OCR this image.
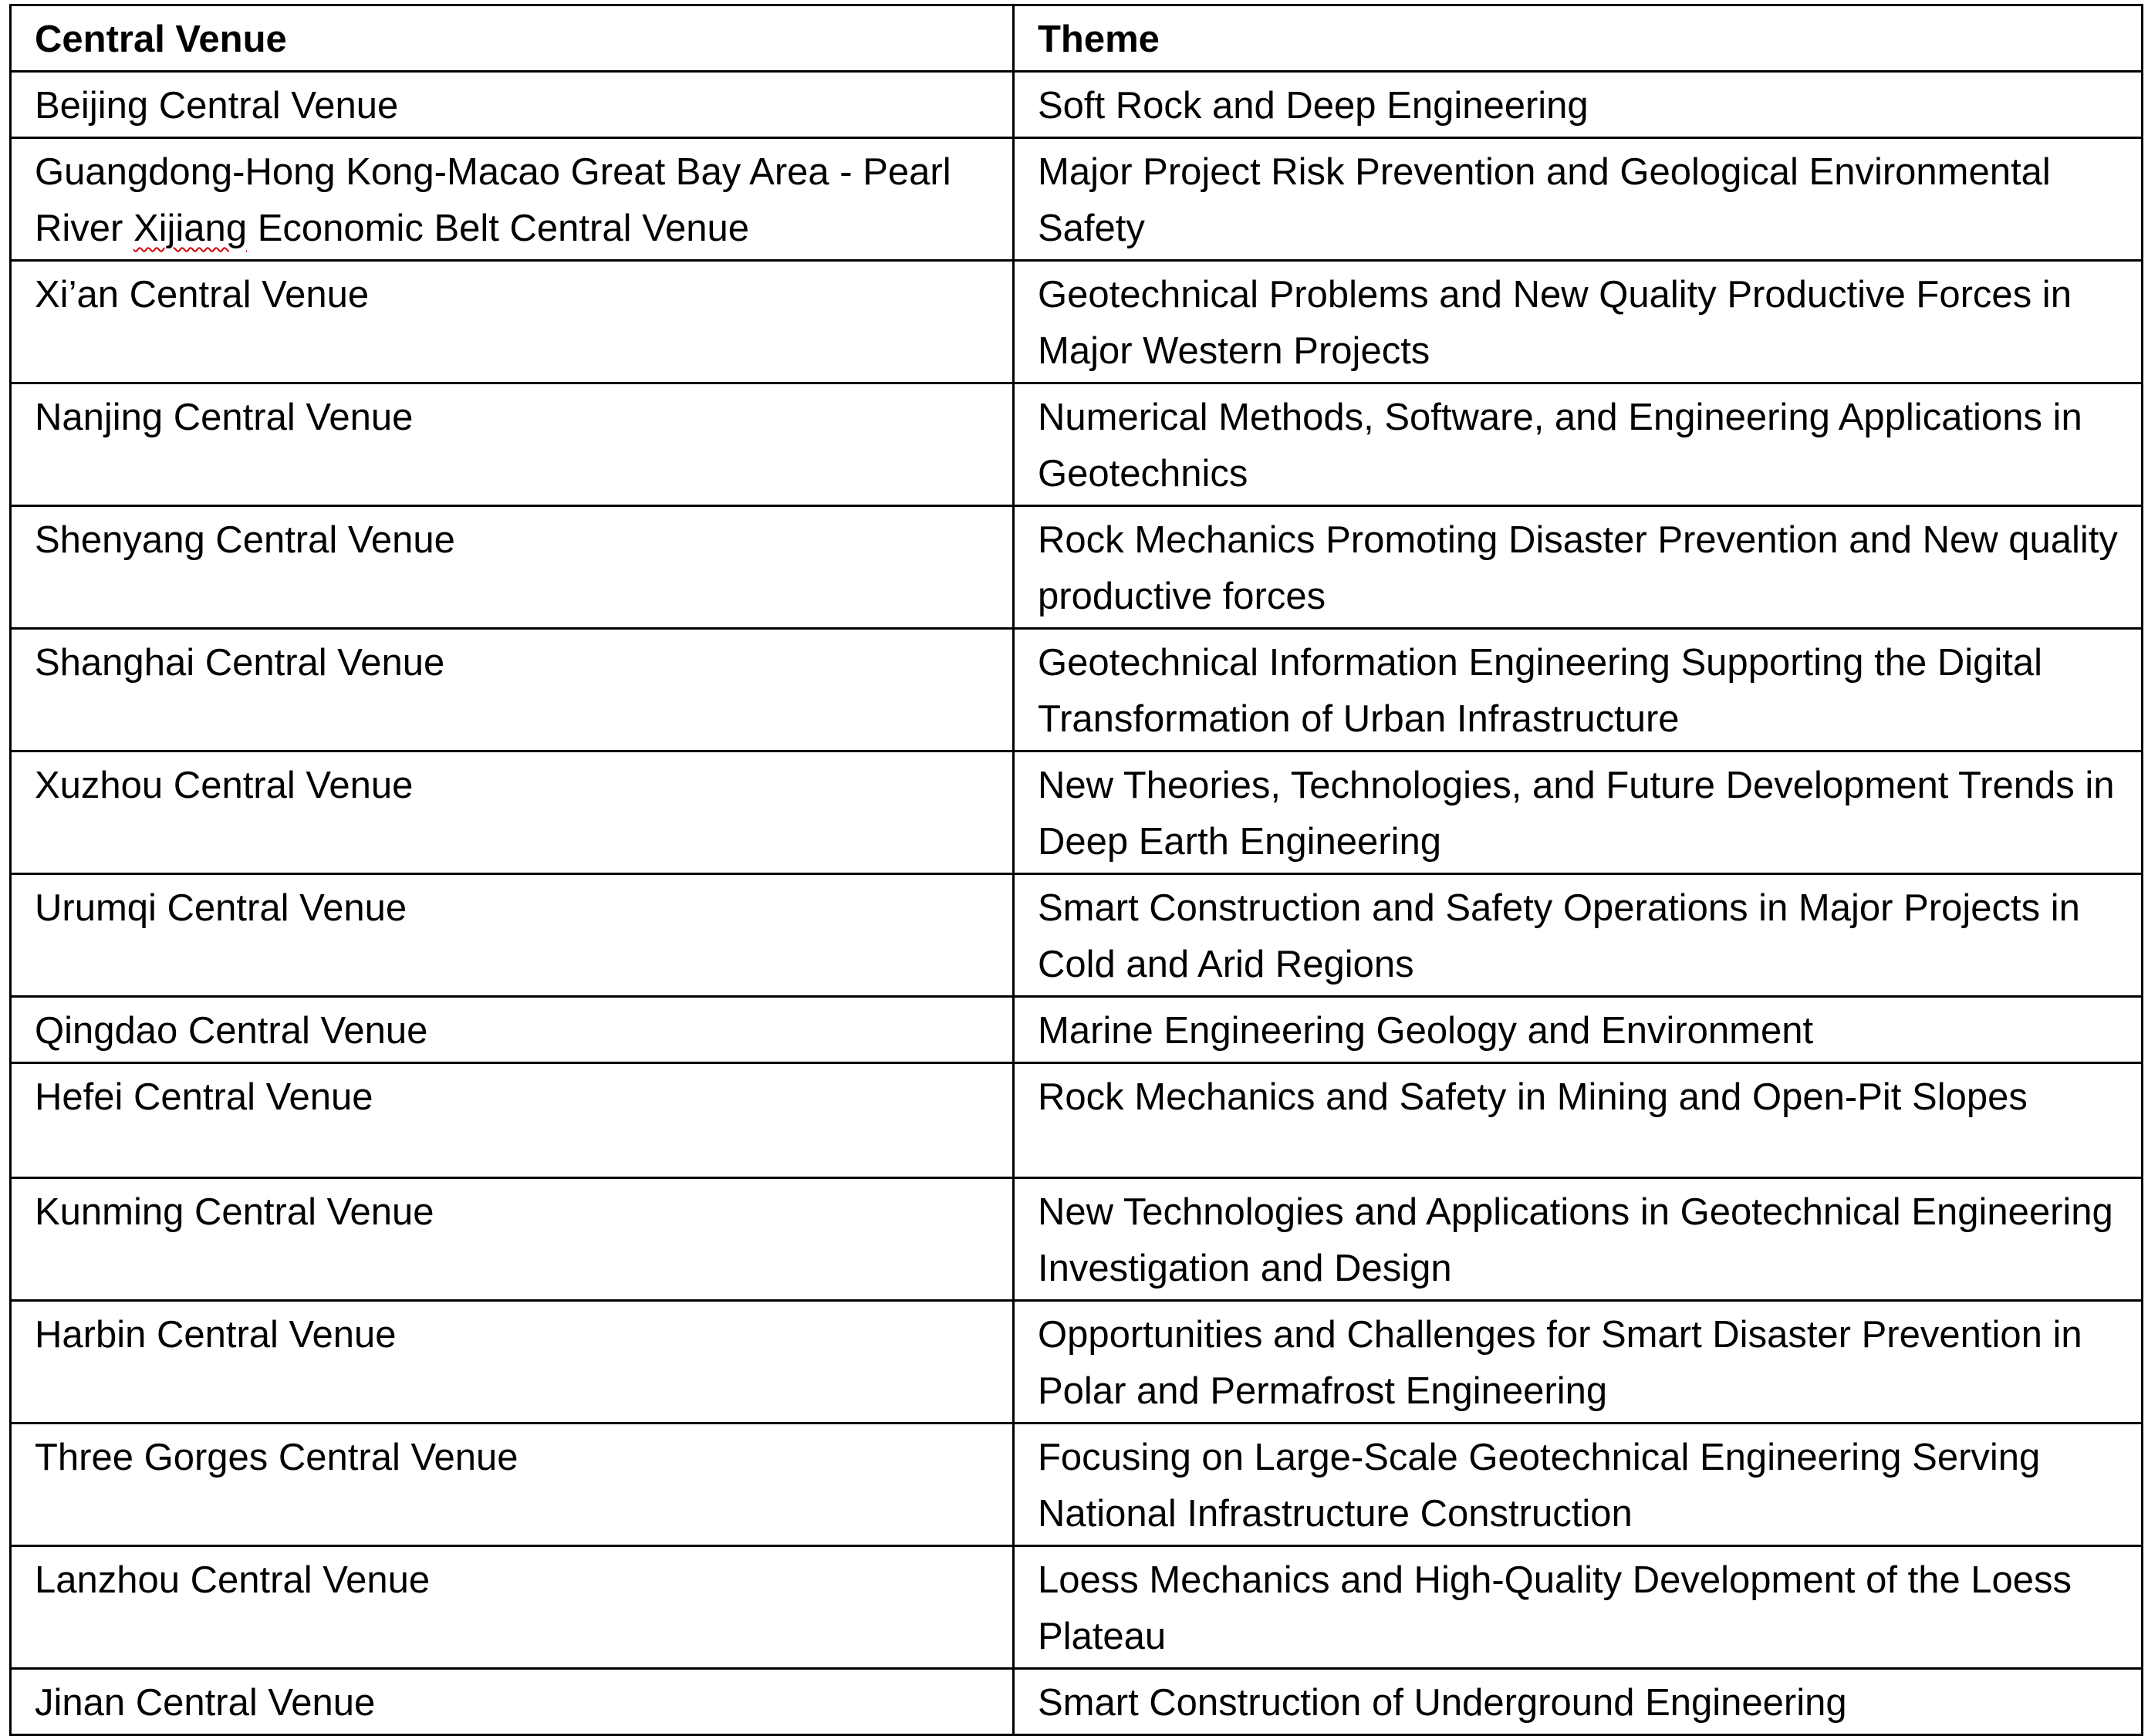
Central Venue	Theme
Beijing Central Venue	Soft Rock and Deep Engineering
Guangdong-Hong Kong-Macao Great Bay Area - Pearl River Xijiang Economic Belt Central Venue	Major Project Risk Prevention and Geological Environmental Safety
Xi’an Central Venue	Geotechnical Problems and New Quality Productive Forces in Major Western Projects
Nanjing Central Venue	Numerical Methods, Software, and Engineering Applications in Geotechnics
Shenyang Central Venue	Rock Mechanics Promoting Disaster Prevention and New quality productive forces
Shanghai Central Venue	Geotechnical Information Engineering Supporting the Digital Transformation of Urban Infrastructure
Xuzhou Central Venue	New Theories, Technologies, and Future Development Trends in Deep Earth Engineering
Urumqi Central Venue	Smart Construction and Safety Operations in Major Projects in Cold and Arid Regions
Qingdao Central Venue	Marine Engineering Geology and Environment
Hefei Central Venue	Rock Mechanics and Safety in Mining and Open-Pit Slopes
Kunming Central Venue	New Technologies and Applications in Geotechnical Engineering Investigation and Design
Harbin Central Venue	Opportunities and Challenges for Smart Disaster Prevention in Polar and Permafrost Engineering
Three Gorges Central Venue	Focusing on Large-Scale Geotechnical Engineering Serving National Infrastructure Construction
Lanzhou Central Venue	Loess Mechanics and High-Quality Development of the Loess Plateau
Jinan Central Venue	Smart Construction of Underground Engineering
